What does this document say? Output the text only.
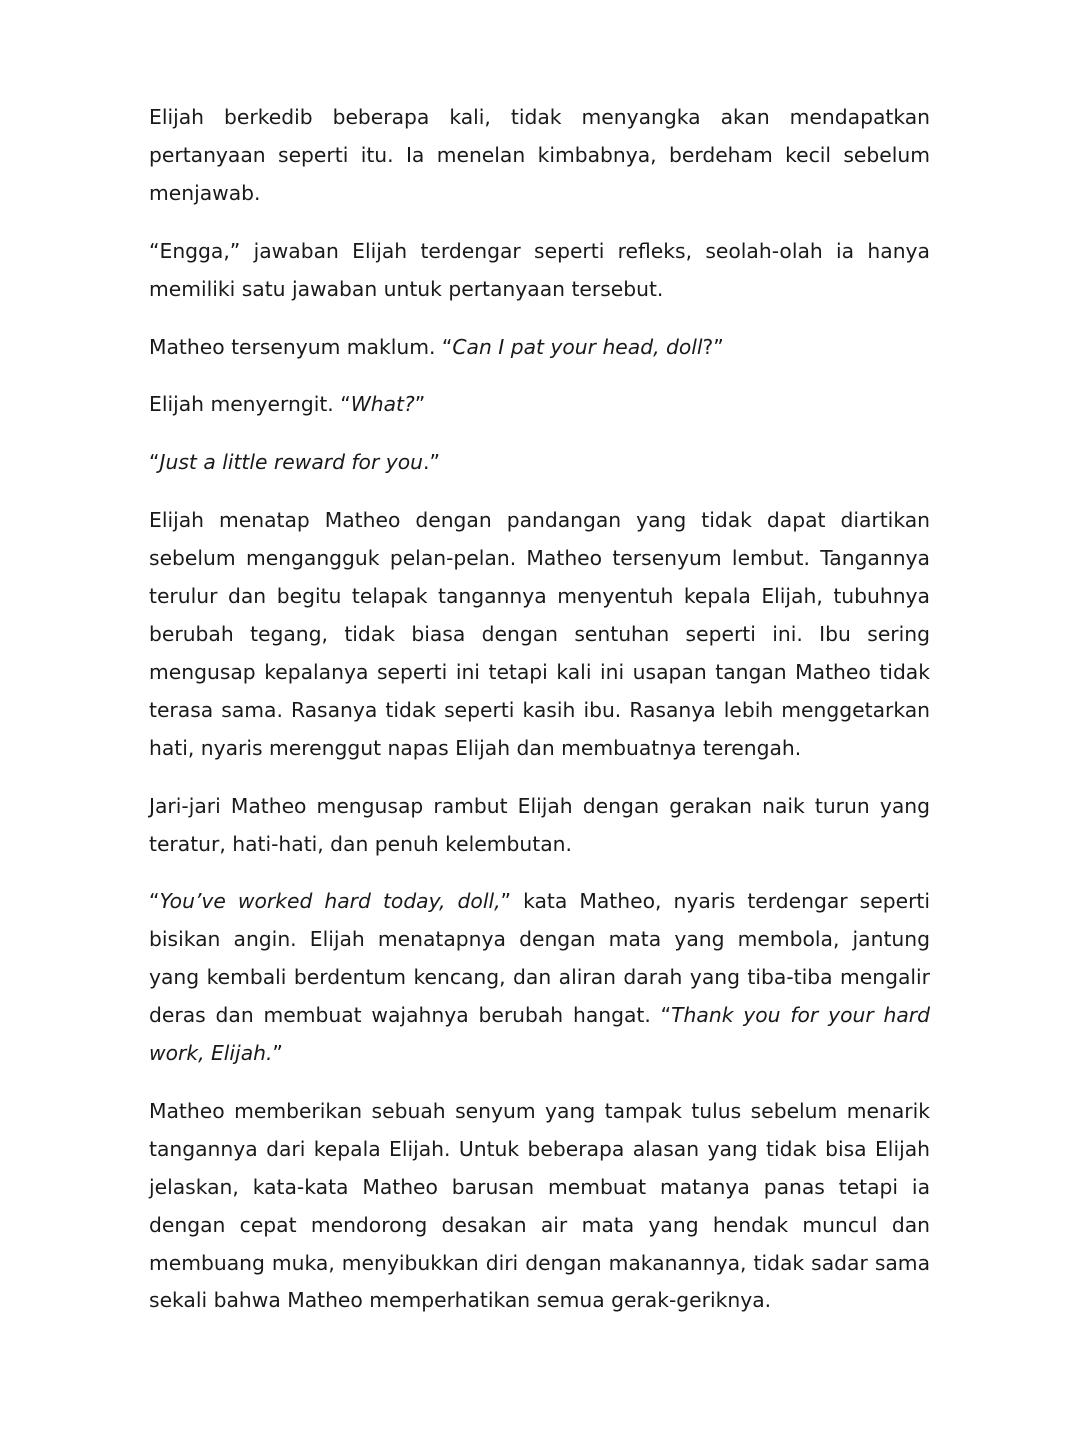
Elijah berkedib beberapa kali, tidak menyangka akan mendapatkan pertanyaan seperti itu. Ia menelan kimbabnya, berdeham kecil sebelum menjawab.

“Engga,” jawaban Elijah terdengar seperti refleks, seolah-olah ia hanya memiliki satu jawaban untuk pertanyaan tersebut.

Matheo tersenyum maklum. “Can I pat your head, doll?”

Elijah menyerngit. “What?”

“Just a little reward for you.”

Elijah menatap Matheo dengan pandangan yang tidak dapat diartikan sebelum mengangguk pelan-pelan. Matheo tersenyum lembut. Tangannya terulur dan begitu telapak tangannya menyentuh kepala Elijah, tubuhnya berubah tegang, tidak biasa dengan sentuhan seperti ini. Ibu sering mengusap kepalanya seperti ini tetapi kali ini usapan tangan Matheo tidak terasa sama. Rasanya tidak seperti kasih ibu. Rasanya lebih menggetarkan hati, nyaris merenggut napas Elijah dan membuatnya terengah.

Jari-jari Matheo mengusap rambut Elijah dengan gerakan naik turun yang teratur, hati-hati, dan penuh kelembutan.

“You’ve worked hard today, doll,” kata Matheo, nyaris terdengar seperti bisikan angin. Elijah menatapnya dengan mata yang membola, jantung yang kembali berdentum kencang, dan aliran darah yang tiba-tiba mengalir deras dan membuat wajahnya berubah hangat. “Thank you for your hard work, Elijah.”

Matheo memberikan sebuah senyum yang tampak tulus sebelum menarik tangannya dari kepala Elijah. Untuk beberapa alasan yang tidak bisa Elijah jelaskan, kata-kata Matheo barusan membuat matanya panas tetapi ia dengan cepat mendorong desakan air mata yang hendak muncul dan membuang muka, menyibukkan diri dengan makanannya, tidak sadar sama sekali bahwa Matheo memperhatikan semua gerak-geriknya.
